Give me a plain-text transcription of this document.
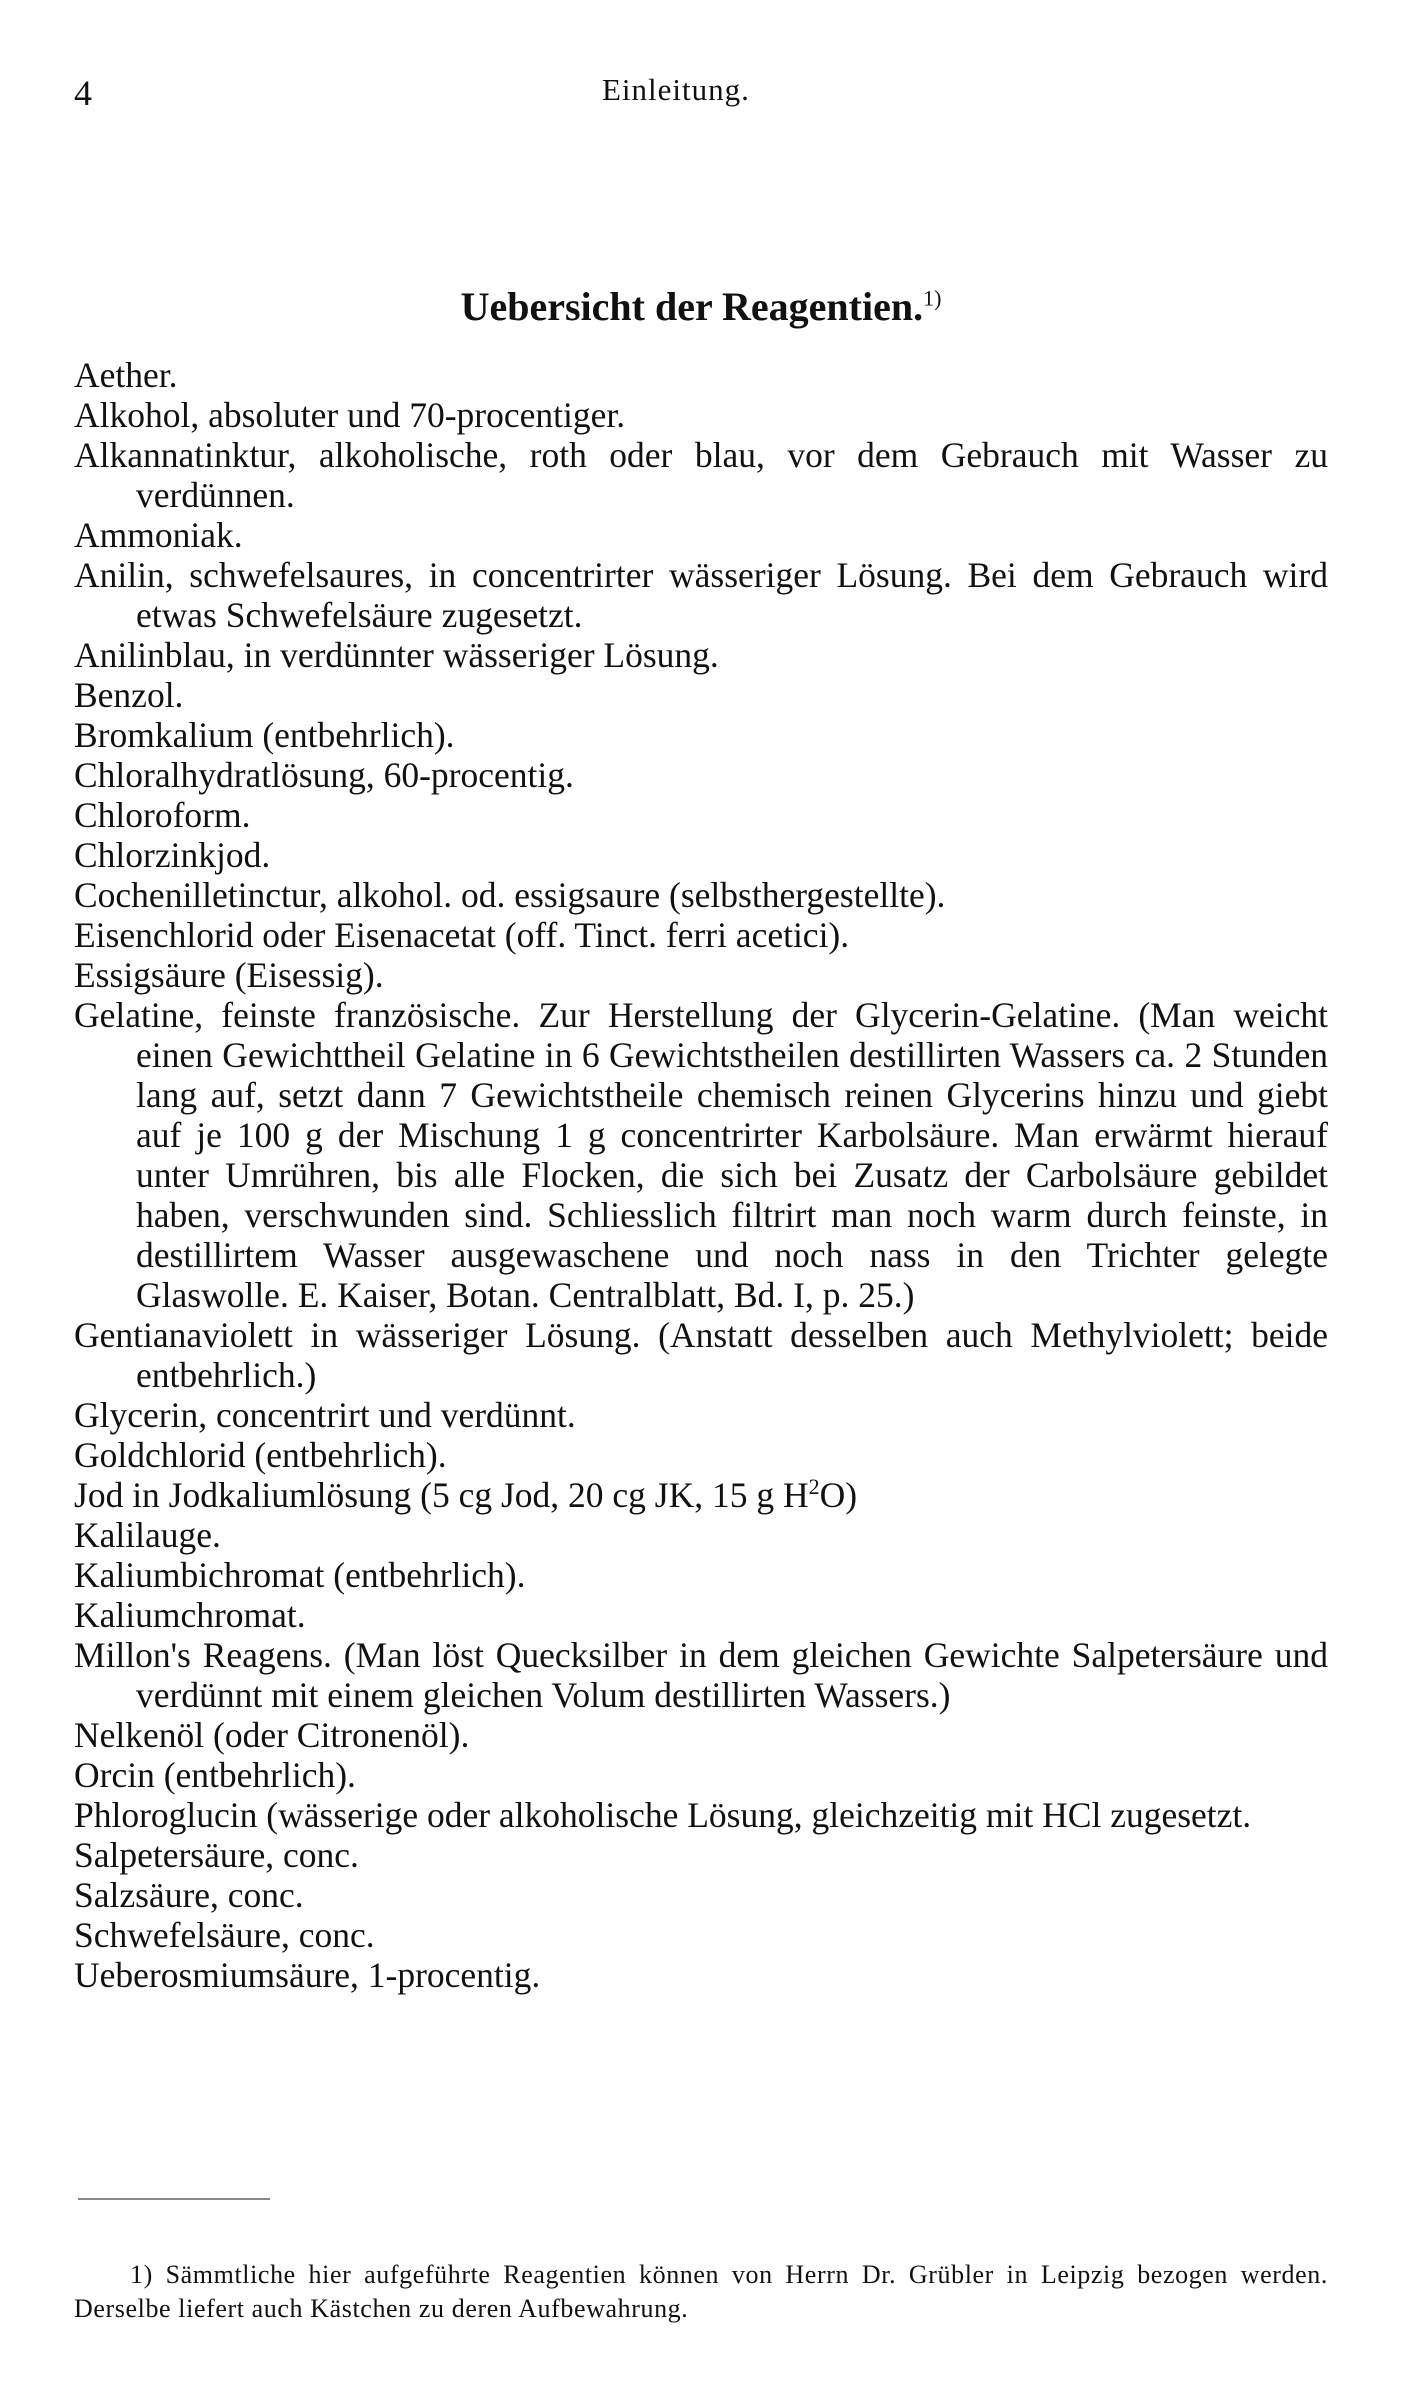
4	Einleitung.
Uebersicht der Reagentien.$^{1)}$

Aether.

Alkohol, absoluter und 70-procentiger.

Alkannatinktur, alkoholische, roth oder blau, vor dem Gebrauch mit Wasser zu verdünnen.

Ammoniak.

Anilin, schwefelsaures, in concentrirter wässeriger Lösung. Bei dem Gebrauch wird etwas Schwefelsäure zugesetzt.

Anilinblau, in verdünnter wässeriger Lösung.

Benzol.

Bromkalium (entbehrlich).

Chloralhydratlösung, 60-procentig.

Chloroform.

Chlorzinkjod.

Cochenilletinctur, alkohol. od. essigsaure (selbsthergestellte).

Eisenchlorid oder Eisenacetat (off. Tinct. ferri acetici).

Essigsäure (Eisessig).

Gelatine, feinste französische. Zur Herstellung der Glycerin-Gelatine. (Man weicht einen Gewichttheil Gelatine in 6 Gewichtstheilen destillirten Wassers ca. 2 Stunden lang auf, setzt dann 7 Gewichtstheile chemisch reinen Glycerins hinzu und giebt auf je 100 g der Mischung 1 g concentrirter Karbolsäure. Man erwärmt hierauf unter Umrühren, bis alle Flocken, die sich bei Zusatz der Carbolsäure gebildet haben, verschwunden sind. Schliesslich filtrirt man noch warm durch feinste, in destillirtem Wasser ausgewaschene und noch nass in den Trichter gelegte Glaswolle. E. Kaiser, Botan. Centralblatt, Bd. I, p. 25.)

Gentianaviolett in wässeriger Lösung. (Anstatt desselben auch Methylviolett; beide entbehrlich.)

Glycerin, concentrirt und verdünnt.

Goldchlorid (entbehrlich).

Jod in Jodkaliumlösung (5 cg Jod, 20 cg JK, 15 g $H^2O$)

Kalilauge.

Kaliumbichromat (entbehrlich).

Kaliumchromat.

Millon's Reagens. (Man löst Quecksilber in dem gleichen Gewichte Salpetersäure und verdünnt mit einem gleichen Volum destillirten Wassers.)

Nelkenöl (oder Citronenöl).

Orcin (entbehrlich).

Phloroglucin (wässerige oder alkoholische Lösung, gleichzeitig mit HCl zugesetzt.

Salpetersäure, conc.

Salzsäure, conc.

Schwefelsäure, conc.

Ueberosmiumsäure, 1-procentig.

1) Sämmtliche hier aufgeführte Reagentien können von Herrn Dr. Grübler in Leipzig bezogen werden. Derselbe liefert auch Kästchen zu deren Aufbewahrung.
